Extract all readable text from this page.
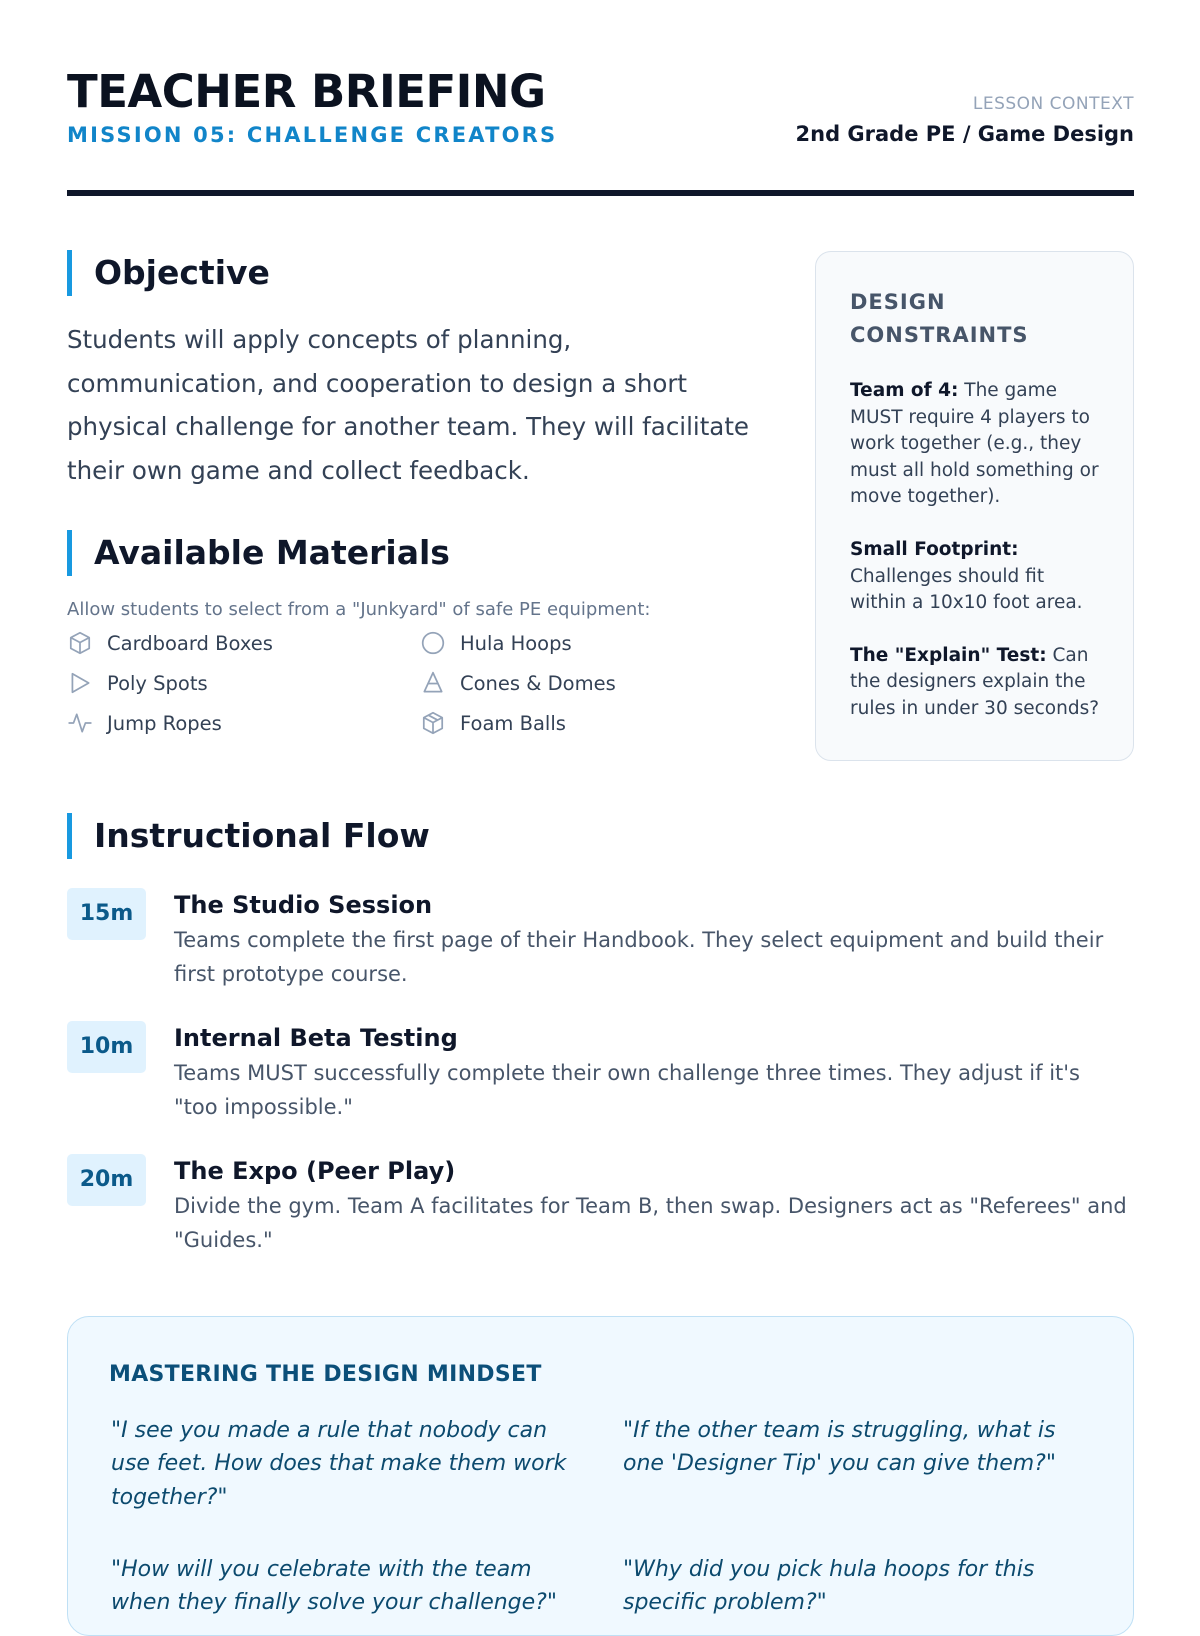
TEACHER BRIEFING
MISSION 05: CHALLENGE CREATORS
LESSON CONTEXT
2nd Grade PE / Game Design
Objective

Students will apply concepts of planning, communication, and cooperation to design a short physical challenge for another team. They will facilitate their own game and collect feedback.

Available Materials
Allow students to select from a "Junkyard" of safe PE equipment:
Cardboard Boxes	Hula Hoops
Poly Spots	Cones & Domes
Jump Ropes	Foam Balls
DESIGN CONSTRAINTS

Team of 4: The game MUST require 4 players to work together (e.g., they must all hold something or move together).

Small Footprint: Challenges should fit within a 10x10 foot area.

The "Explain" Test: Can the designers explain the rules in under 30 seconds?

Instructional Flow
15m	The Studio Session

Teams complete the first page of their Handbook. They select equipment and build their first prototype course.

10m	Internal Beta Testing

Teams MUST successfully complete their own challenge three times. They adjust if it's "too impossible."

20m	The Expo (Peer Play)

Divide the gym. Team A facilitates for Team B, then swap. Designers act as "Referees" and "Guides."

MASTERING THE DESIGN MINDSET

"I see you made a rule that nobody can use feet. How does that make them work together?"

"If the other team is struggling, what is one 'Designer Tip' you can give them?"

"How will you celebrate with the team when they finally solve your challenge?"

"Why did you pick hula hoops for this specific problem?"
